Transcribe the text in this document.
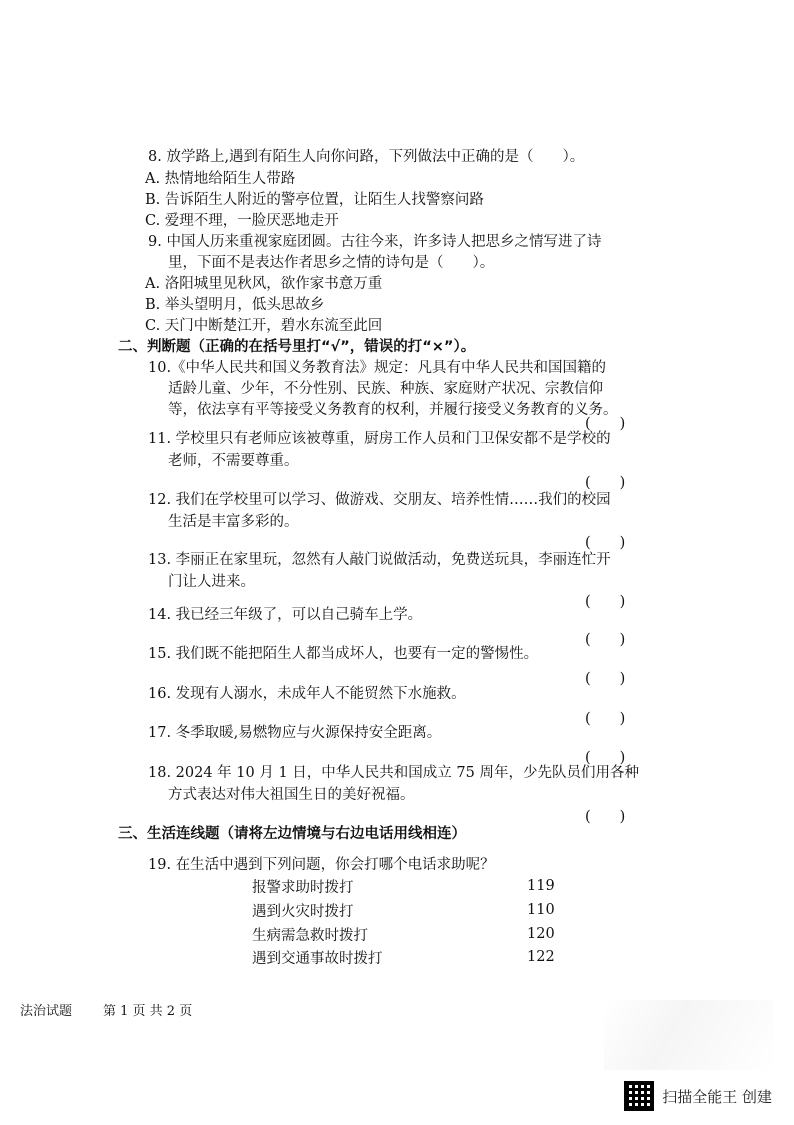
8. 放学路上,遇到有陌生人向你问路，下列做法中正确的是（　　）。
A. 热情地给陌生人带路
B. 告诉陌生人附近的警亭位置，让陌生人找警察问路
C. 爱理不理，一脸厌恶地走开
9. 中国人历来重视家庭团圆。古往今来，许多诗人把思乡之情写进了诗
里，下面不是表达作者思乡之情的诗句是（　　）。
A. 洛阳城里见秋风，欲作家书意万重
B. 举头望明月，低头思故乡
C. 天门中断楚江开，碧水东流至此回
二、判断题（正确的在括号里打“√”，错误的打“×”）。
10.《中华人民共和国义务教育法》规定：凡具有中华人民共和国国籍的
适龄儿童、少年，不分性别、民族、种族、家庭财产状况、宗教信仰
等，依法享有平等接受义务教育的权利，并履行接受义务教育的义务。
(　　)
11. 学校里只有老师应该被尊重，厨房工作人员和门卫保安都不是学校的
老师，不需要尊重。
(　　)
12. 我们在学校里可以学习、做游戏、交朋友、培养性情……我们的校园
生活是丰富多彩的。
(　　)
13. 李丽正在家里玩，忽然有人敲门说做活动，免费送玩具，李丽连忙开
门让人进来。
(　　)
14. 我已经三年级了，可以自己骑车上学。
(　　)
15. 我们既不能把陌生人都当成坏人，也要有一定的警惕性。
(　　)
16. 发现有人溺水，未成年人不能贸然下水施救。
(　　)
17. 冬季取暖,易燃物应与火源保持安全距离。
(　　)
18. 2024 年 10 月 1 日，中华人民共和国成立 75 周年，少先队员们用各种
方式表达对伟大祖国生日的美好祝福。
(　　)
三、生活连线题（请将左边情境与右边电话用线相连）
19. 在生活中遇到下列问题，你会打哪个电话求助呢？
报警求助时拨打
遇到火灾时拨打
生病需急救时拨打
遇到交通事故时拨打
119
110
120
122
法治试题 第 1 页 共 2 页
扫描全能王 创建
